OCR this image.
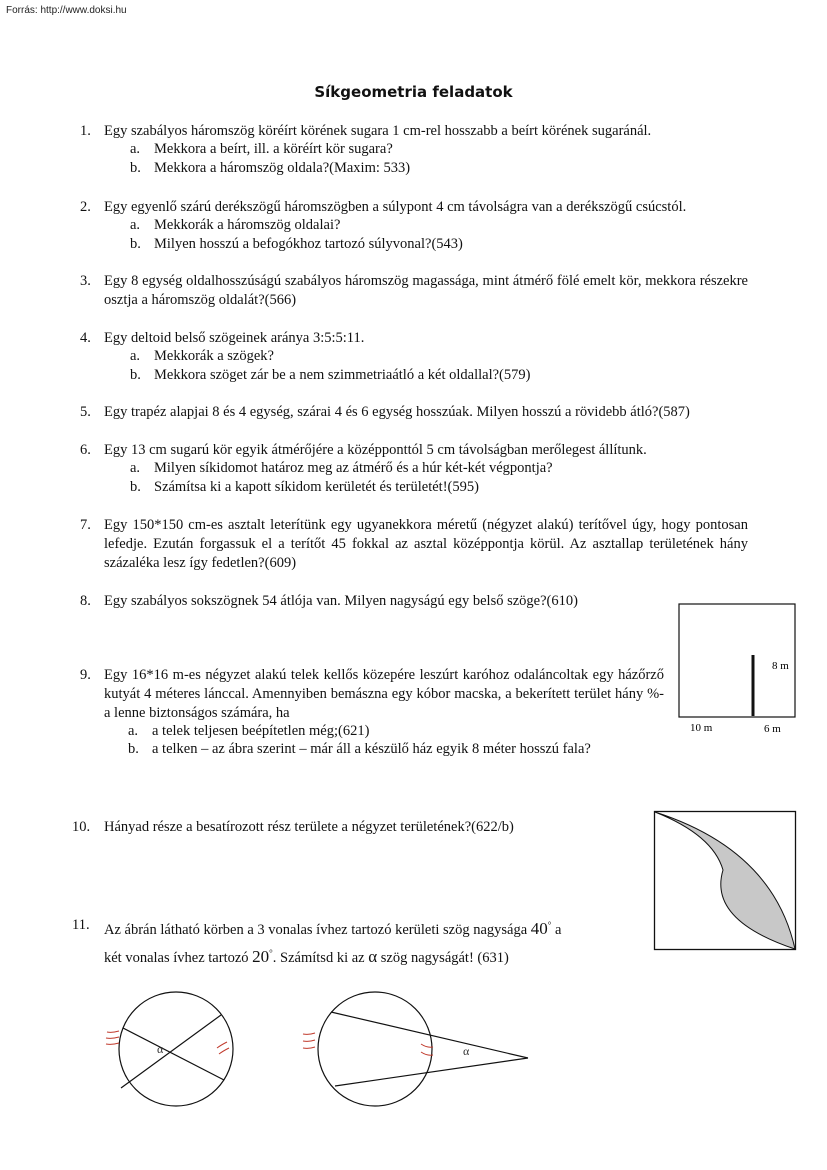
Forrás: http://www.doksi.hu
Síkgeometria feladatok
1. Egy szabályos háromszög köréírt körének sugara 1 cm-rel hosszabb a beírt körének sugaránál.
a. Mekkora a beírt, ill. a köréírt kör sugara?
b. Mekkora a háromszög oldala?(Maxim: 533)
2. Egy egyenlő szárú derékszögű háromszögben a súlypont 4 cm távolságra van a derékszögű csúcstól.
a. Mekkorák a háromszög oldalai?
b. Milyen hosszú a befogókhoz tartozó súlyvonal?(543)
3. Egy 8 egység oldalhosszúságú szabályos háromszög magassága, mint átmérő fölé emelt kör, mekkora részekre osztja a háromszög oldalát?(566)
4. Egy deltoid belső szögeinek aránya 3:5:5:11.
a. Mekkorák a szögek?
b. Mekkora szöget zár be a nem szimmetriaátló a két oldallal?(579)
5. Egy trapéz alapjai 8 és 4 egység, szárai 4 és 6 egység hosszúak. Milyen hosszú a rövidebb átló?(587)
6. Egy 13 cm sugarú kör egyik átmérőjére a középponttól 5 cm távolságban merőlegest állítunk.
a. Milyen síkidomot határoz meg az átmérő és a húr két-két végpontja?
b. Számítsa ki a kapott síkidom kerületét és területét!(595)
7. Egy 150*150 cm-es asztalt leterítünk egy ugyanekkora méretű (négyzet alakú) terítővel úgy, hogy pontosan lefedje. Ezután forgassuk el a terítőt 45 fokkal az asztal középpontja körül. Az asztallap területének hány százaléka lesz így fedetlen?(609)
8. Egy szabályos sokszögnek 54 átlója van. Milyen nagyságú egy belső szöge?(610)
8 m
10 m	6 m
9. Egy 16*16 m-es négyzet alakú telek kellős közepére leszúrt karóhoz odaláncoltak egy házőrző kutyát 4 méteres lánccal. Amennyiben bemászna egy kóbor macska, a bekerített terület hány %-a lenne biztonságos számára, ha
a. a telek teljesen beépítetlen még;(621)
b. a telken – az ábra szerint – már áll a készülő ház egyik 8 méter hosszú fala?
10. Hányad része a besatírozott rész területe a négyzet területének?(622/b)
11. Az ábrán látható körben a 3 vonalas ívhez tartozó kerületi szög nagysága 40° a
két vonalas ívhez tartozó 20°. Számítsd ki az α szög nagyságát! (631)
α	α
